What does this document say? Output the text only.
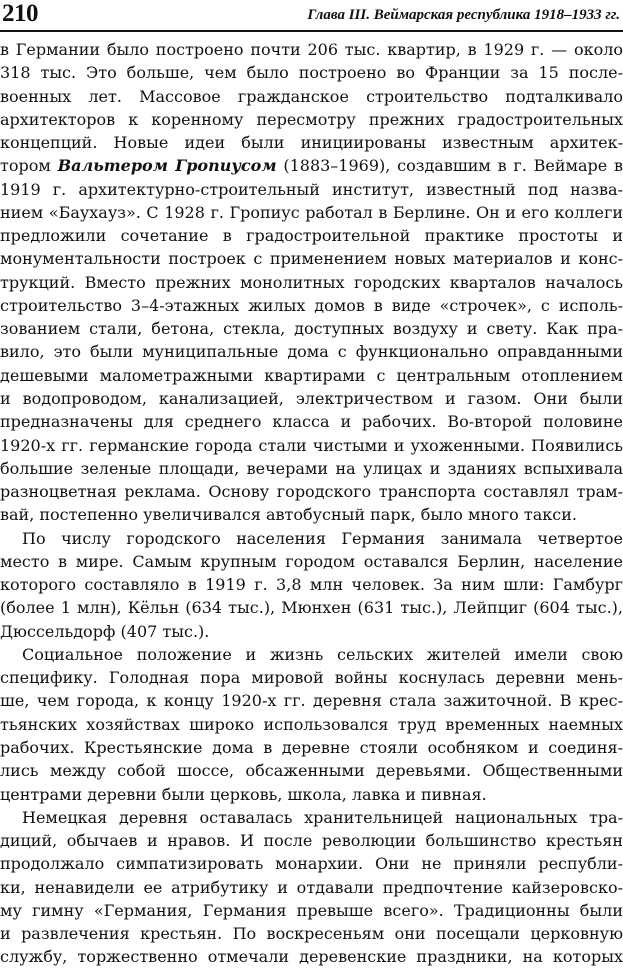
210	Глава III. Веймарская республика 1918–1933 гг.
в Германии было построено почти 206 тыс. квартир, в 1929 г. — около
318 тыс. Это больше, чем было построено во Франции за 15 после-
военных лет. Массовое гражданское строительство подталкивало
архитекторов к коренному пересмотру прежних градостроительных
концепций. Новые идеи были инициированы известным архитек-
тором Вальтером Гропиусом (1883–1969), создавшим в г. Веймаре в
1919 г. архитектурно-строительный институт, известный под назва-
нием «Баухауз». С 1928 г. Гропиус работал в Берлине. Он и его коллеги
предложили сочетание в градостроительной практике простоты и
монументальности построек с применением новых материалов и конс-
трукций. Вместо прежних монолитных городских кварталов началось
строительство 3–4-этажных жилых домов в виде «строчек», с исполь-
зованием стали, бетона, стекла, доступных воздуху и свету. Как пра-
вило, это были муниципальные дома с функционально оправданными
дешевыми малометражными квартирами с центральным отоплением
и водопроводом, канализацией, электричеством и газом. Они были
предназначены для среднего класса и рабочих. Во-второй половине
1920-х гг. германские города стали чистыми и ухоженными. Появились
большие зеленые площади, вечерами на улицах и зданиях вспыхивала
разноцветная реклама. Основу городского транспорта составлял трам-
вай, постепенно увеличивался автобусный парк, было много такси.
По числу городского населения Германия занимала четвертое
место в мире. Самым крупным городом оставался Берлин, население
которого составляло в 1919 г. 3,8 млн человек. За ним шли: Гамбург
(более 1 млн), Кёльн (634 тыс.), Мюнхен (631 тыс.), Лейпциг (604 тыс.),
Дюссельдорф (407 тыс.).
Социальное положение и жизнь сельских жителей имели свою
специфику. Голодная пора мировой войны коснулась деревни мень-
ше, чем города, к концу 1920-х гг. деревня стала зажиточной. В крес-
тьянских хозяйствах широко использовался труд временных наемных
рабочих. Крестьянские дома в деревне стояли особняком и соединя-
лись между собой шоссе, обсаженными деревьями. Общественными
центрами деревни были церковь, школа, лавка и пивная.
Немецкая деревня оставалась хранительницей национальных тра-
диций, обычаев и нравов. И после революции большинство крестьян
продолжало симпатизировать монархии. Они не приняли республи-
ки, ненавидели ее атрибутику и отдавали предпочтение кайзеровско-
му гимну «Германия, Германия превыше всего». Традиционны были
и развлечения крестьян. По воскресеньям они посещали церковную
службу, торжественно отмечали деревенские праздники, на которых
